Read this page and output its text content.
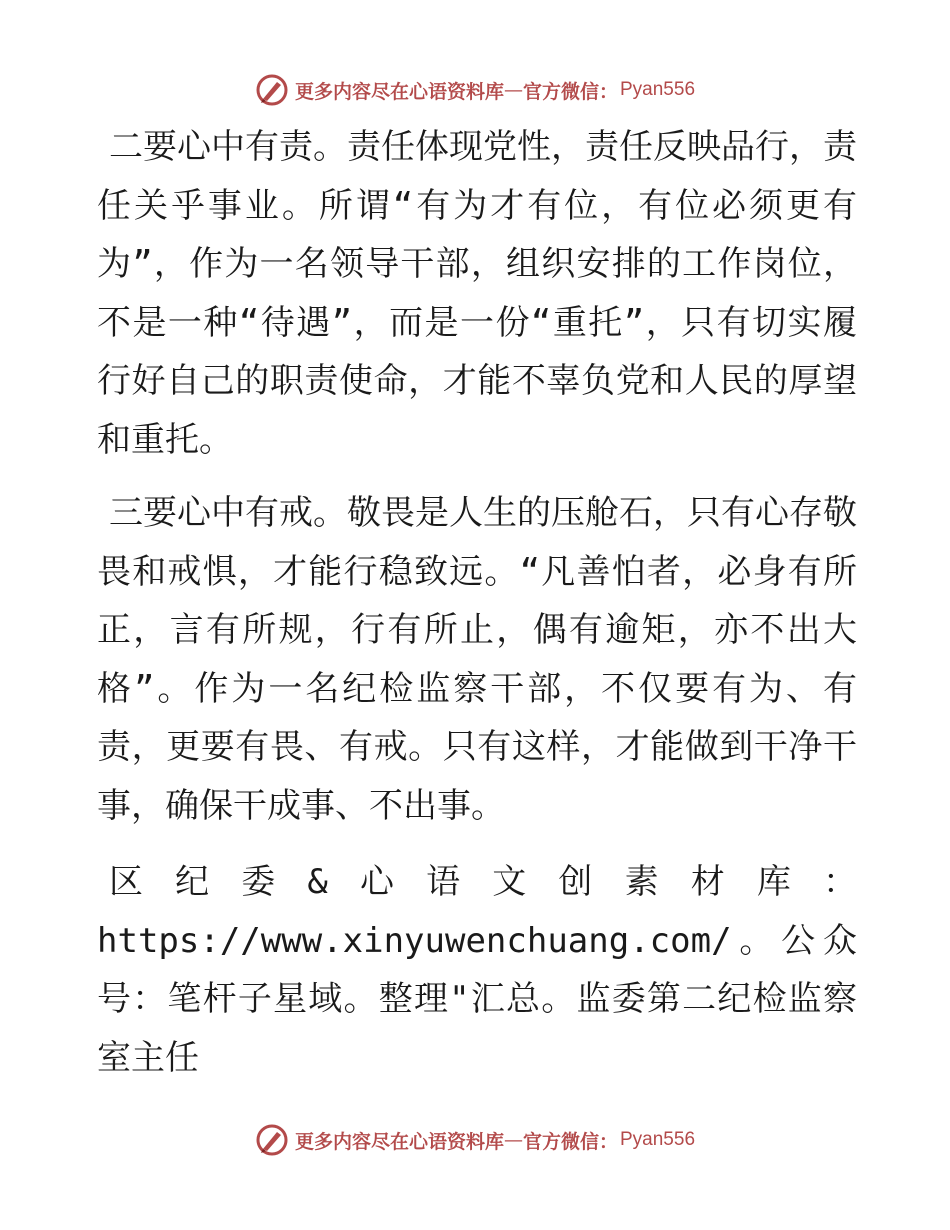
更多内容尽在心语资料库 — 官方微信： Pyan556

二要心中有责。责任体现党性，责任反映品行，责任关乎事业。所谓“有为才有位，有位必须更有为”，作为一名领导干部，组织安排的工作岗位，不是一种“待遇”，而是一份“重托”，只有切实履行好自己的职责使命，才能不辜负党和人民的厚望和重托。

三要心中有戒。敬畏是人生的压舱石，只有心存敬畏和戒惧，才能行稳致远。“凡善怕者，必身有所正，言有所规，行有所止，偶有逾矩，亦不出大格”。作为一名纪检监察干部，不仅要有为、有责，更要有畏、有戒。只有这样，才能做到干净干事，确保干成事、不出事。

区纪委&心语文创素材库：https://www.xinyuwenchuang.com/。公众号：笔杆子星域。整理"汇总。监委第二纪检监察室主任

更多内容尽在心语资料库 — 官方微信： Pyan556
